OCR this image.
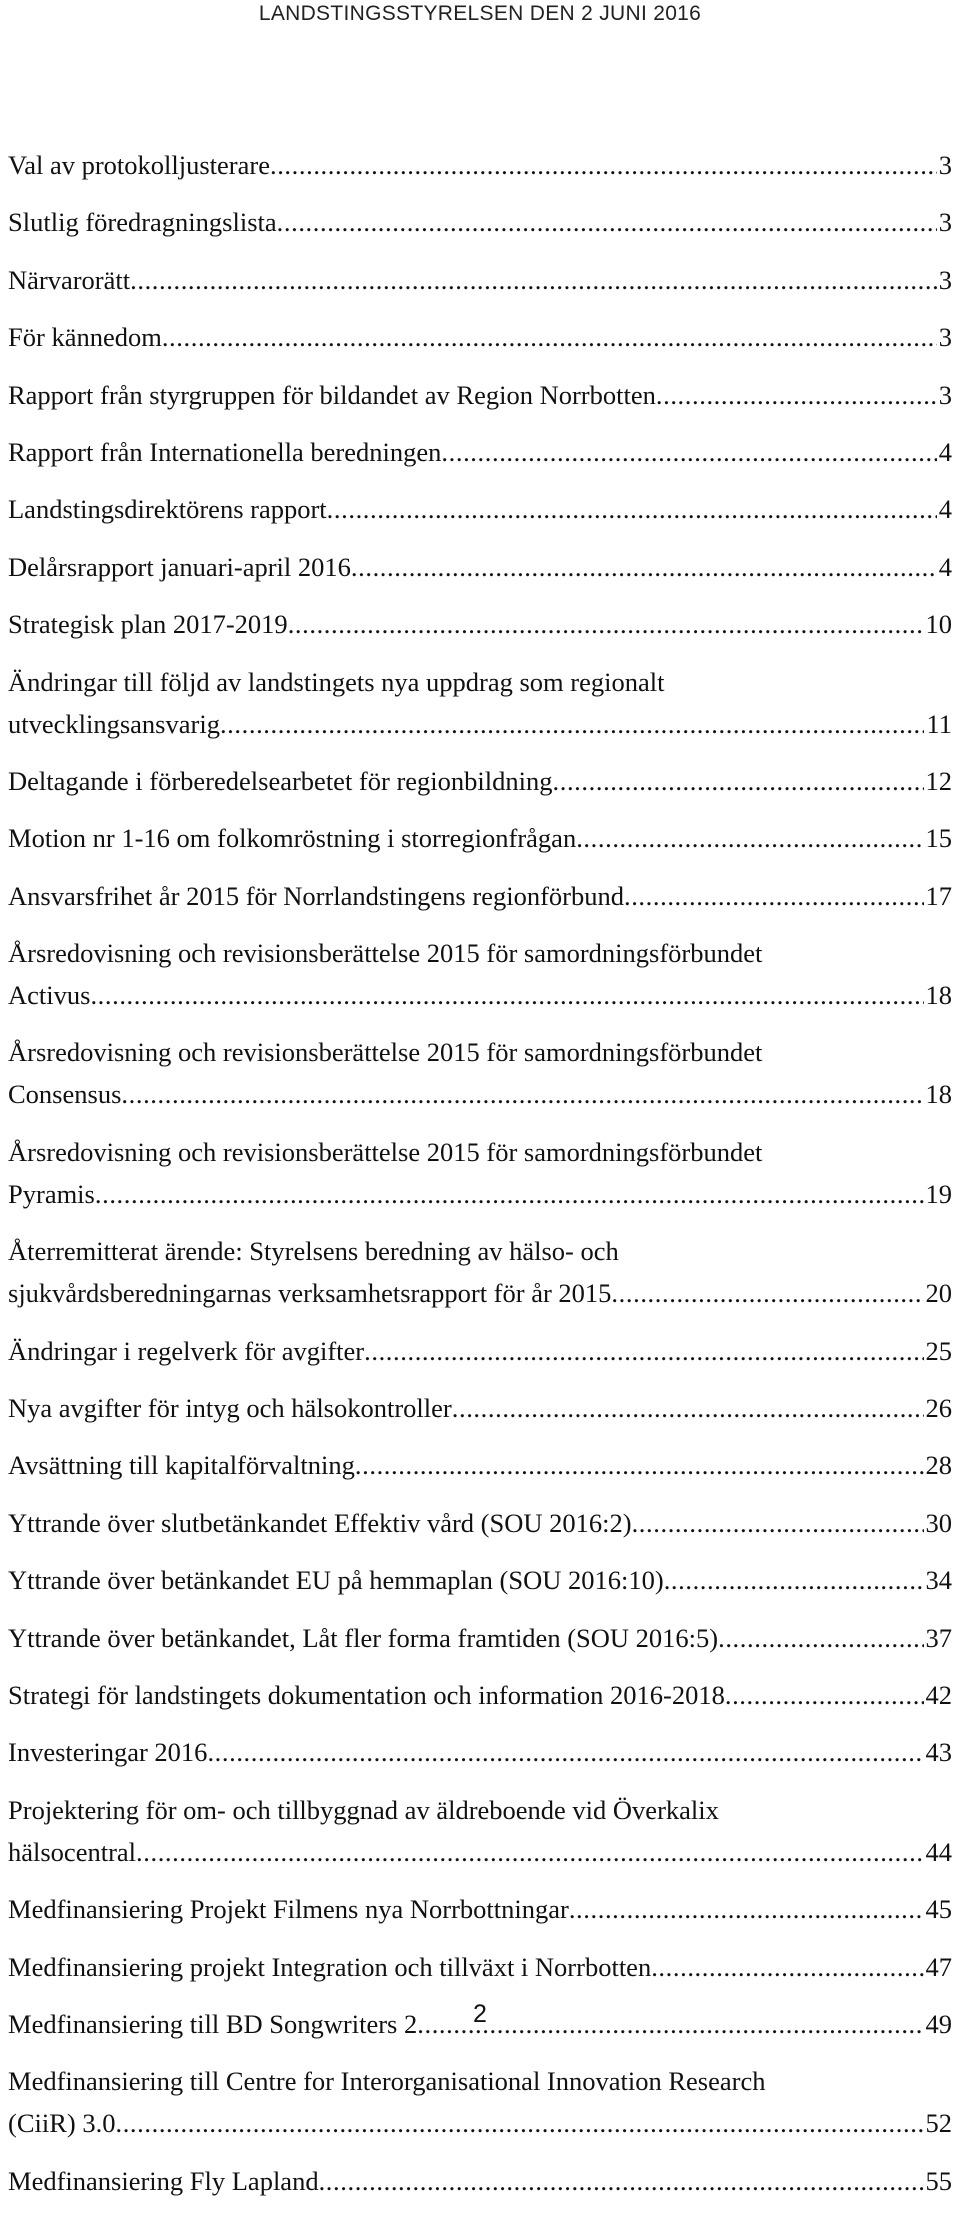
LANDSTINGSSTYRELSEN DEN 2 JUNI 2016
Val av protokolljusterare .....	3
Slutlig föredragningslista .....	3
Närvarorätt .....	3
För kännedom .....	3
Rapport från styrgruppen för bildandet av Region Norrbotten .....	3
Rapport från Internationella beredningen .....	4
Landstingsdirektörens rapport .....	4
Delårsrapport januari-april 2016 .....	4
Strategisk plan 2017-2019 .....	10
Ändringar till följd av landstingets nya uppdrag som regionalt
utvecklingsansvarig .....	11
Deltagande i förberedelsearbetet för regionbildning .....	12
Motion nr 1-16 om folkomröstning i storregionfrågan .....	15
Ansvarsfrihet år 2015 för Norrlandstingens regionförbund .....	17
Årsredovisning och revisionsberättelse 2015 för samordningsförbundet
Activus .....	18
Årsredovisning och revisionsberättelse 2015 för samordningsförbundet
Consensus .....	18
Årsredovisning och revisionsberättelse 2015 för samordningsförbundet
Pyramis .....	19
Återremitterat ärende: Styrelsens beredning av hälso- och
sjukvårdsberedningarnas verksamhetsrapport för år 2015 .....	20
Ändringar i regelverk för avgifter .....	25
Nya avgifter för intyg och hälsokontroller .....	26
Avsättning till kapitalförvaltning .....	28
Yttrande över slutbetänkandet Effektiv vård (SOU 2016:2) .....	30
Yttrande över betänkandet EU på hemmaplan (SOU 2016:10) .....	34
Yttrande över betänkandet, Låt fler forma framtiden (SOU 2016:5) .....	37
Strategi för landstingets dokumentation och information 2016-2018 .....	42
Investeringar 2016 .....	43
Projektering för om- och tillbyggnad av äldreboende vid Överkalix
hälsocentral .....	44
Medfinansiering Projekt Filmens nya Norrbottningar .....	45
Medfinansiering projekt Integration och tillväxt i Norrbotten .....	47
Medfinansiering till BD Songwriters 2 .....	49
Medfinansiering till Centre for Interorganisational Innovation Research
(CiiR) 3.0 .....	52
Medfinansiering Fly Lapland .....	55
2
